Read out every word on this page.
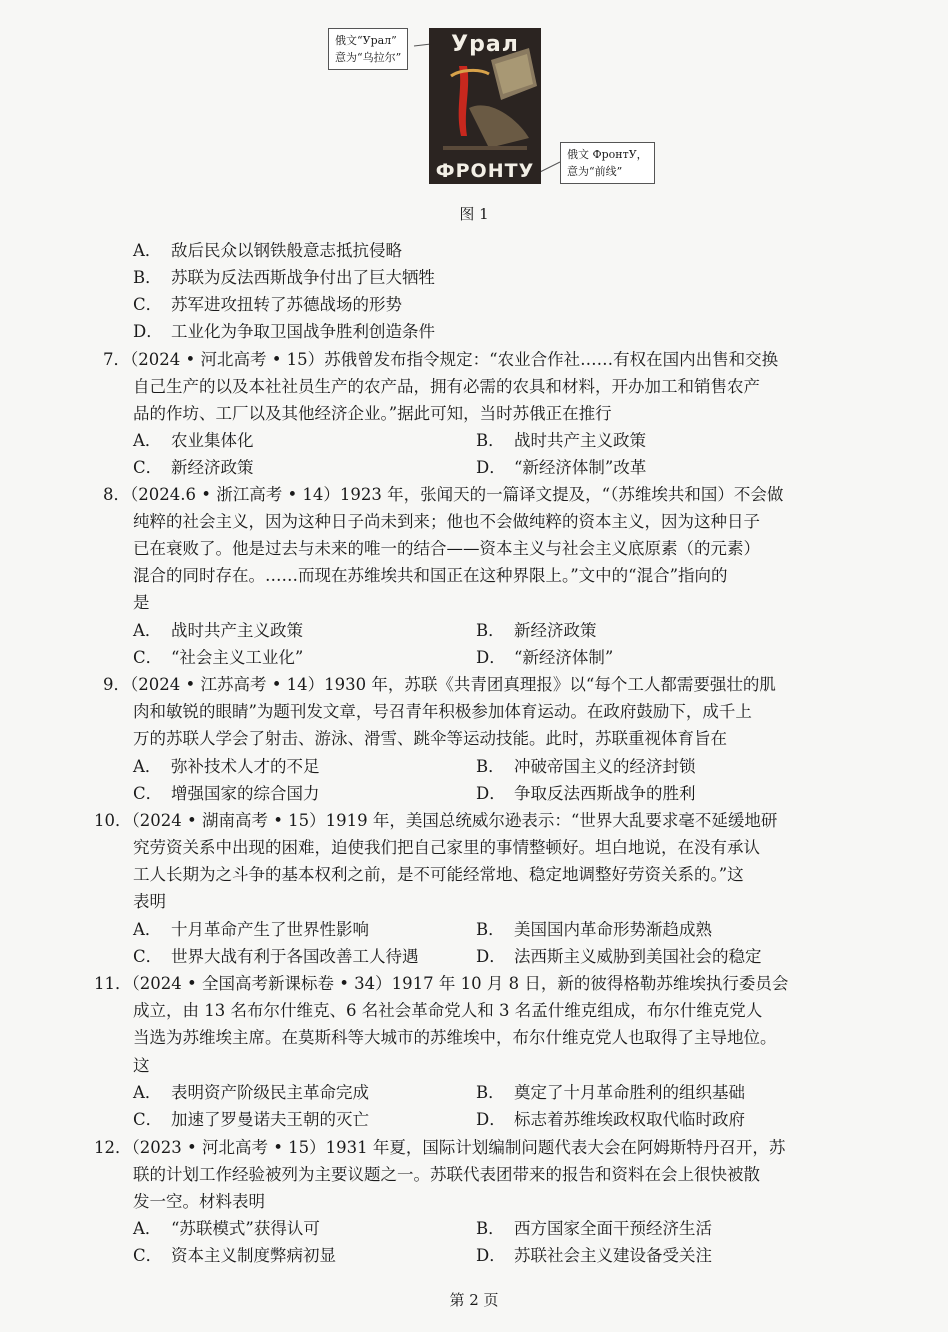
俄文“Урал”
意为“乌拉尔”
Урал
ФРОНТУ
俄文 ФронтУ，
意为“前线”
图 1
A． 敌后民众以钢铁般意志抵抗侵略
B． 苏联为反法西斯战争付出了巨大牺牲
C． 苏军进攻扭转了苏德战场的形势
D． 工业化为争取卫国战争胜利创造条件
7．（2024 • 河北高考 • 15）苏俄曾发布指令规定：“农业合作社……有权在国内出售和交换
自己生产的以及本社社员生产的农产品，拥有必需的农具和材料，开办加工和销售农产
品的作坊、工厂以及其他经济企业。”据此可知，当时苏俄正在推行
A． 农业集体化	B． 战时共产主义政策
C． 新经济政策	D． “新经济体制”改革
8．（2024.6 • 浙江高考 • 14）1923 年，张闻天的一篇译文提及，“（苏维埃共和国）不会做
纯粹的社会主义，因为这种日子尚未到来；他也不会做纯粹的资本主义，因为这种日子
已在衰败了。他是过去与未来的唯一的结合——资本主义与社会主义底原素（的元素）
混合的同时存在。……而现在苏维埃共和国正在这种界限上。”文中的“混合”指向的
是
A． 战时共产主义政策	B． 新经济政策
C． “社会主义工业化”	D． “新经济体制”
9．（2024 • 江苏高考 • 14）1930 年，苏联《共青团真理报》以“每个工人都需要强壮的肌
肉和敏锐的眼睛”为题刊发文章，号召青年积极参加体育运动。在政府鼓励下，成千上
万的苏联人学会了射击、游泳、滑雪、跳伞等运动技能。此时，苏联重视体育旨在
A． 弥补技术人才的不足	B． 冲破帝国主义的经济封锁
C． 增强国家的综合国力	D． 争取反法西斯战争的胜利
10．（2024 • 湖南高考 • 15）1919 年，美国总统威尔逊表示：“世界大乱要求毫不延缓地研
究劳资关系中出现的困难，迫使我们把自己家里的事情整顿好。坦白地说，在没有承认
工人长期为之斗争的基本权利之前，是不可能经常地、稳定地调整好劳资关系的。”这
表明
A． 十月革命产生了世界性影响	B． 美国国内革命形势渐趋成熟
C． 世界大战有利于各国改善工人待遇	D． 法西斯主义威胁到美国社会的稳定
11．（2024 • 全国高考新课标卷 • 34）1917 年 10 月 8 日，新的彼得格勒苏维埃执行委员会
成立，由 13 名布尔什维克、6 名社会革命党人和 3 名孟什维克组成，布尔什维克党人
当选为苏维埃主席。在莫斯科等大城市的苏维埃中，布尔什维克党人也取得了主导地位。
这
A． 表明资产阶级民主革命完成	B． 奠定了十月革命胜利的组织基础
C． 加速了罗曼诺夫王朝的灭亡	D． 标志着苏维埃政权取代临时政府
12．（2023 • 河北高考 • 15）1931 年夏，国际计划编制问题代表大会在阿姆斯特丹召开，苏
联的计划工作经验被列为主要议题之一。苏联代表团带来的报告和资料在会上很快被散
发一空。材料表明
A． “苏联模式”获得认可	B． 西方国家全面干预经济生活
C． 资本主义制度弊病初显	D． 苏联社会主义建设备受关注
第 2 页
